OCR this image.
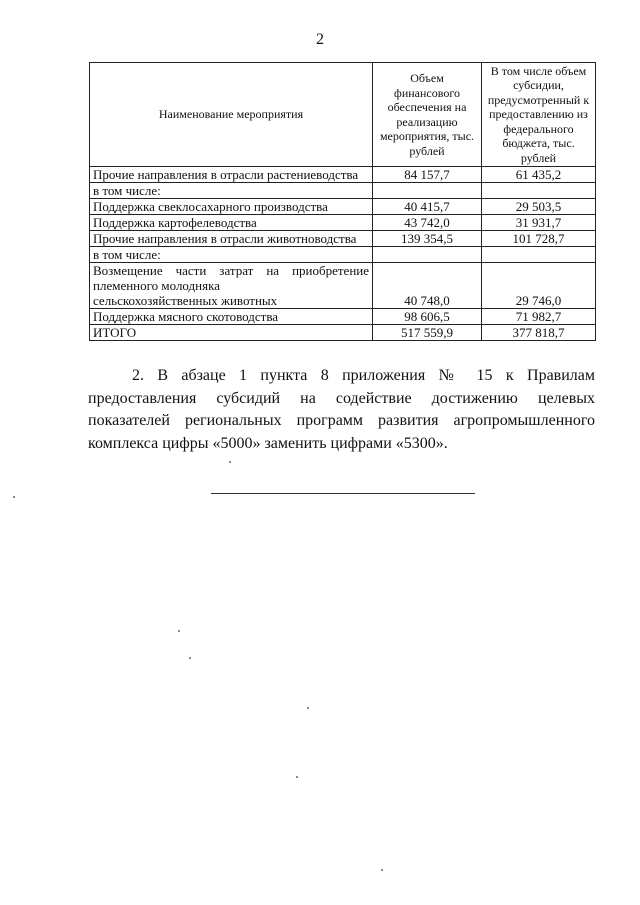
2
Наименование мероприятия	Объем финансового обеспечения на реализацию мероприятия, тыс. рублей	В том числе объем субсидии, предусмотренный к предоставлению из федерального бюджета, тыс. рублей
Прочие направления в отрасли растениеводства	84 157,7	61 435,2
в том числе:		
Поддержка свеклосахарного производства	40 415,7	29 503,5
Поддержка картофелеводства	43 742,0	31 931,7
Прочие направления в отрасли животноводства	139 354,5	101 728,7
в том числе:		

Возмещение части затрат на приобретение
племенного молодняка
сельскохозяйственных животных	40 748,0	29 746,0
Поддержка мясного скотоводства	98 606,5	71 982,7
ИТОГО	517 559,9	377 818,7
2. В абзаце 1 пункта 8 приложения № 15 к Правилам предоставления субсидий на содействие достижению целевых показателей региональных программ развития агропромышленного комплекса цифры «5000» заменить цифрами «5300».
